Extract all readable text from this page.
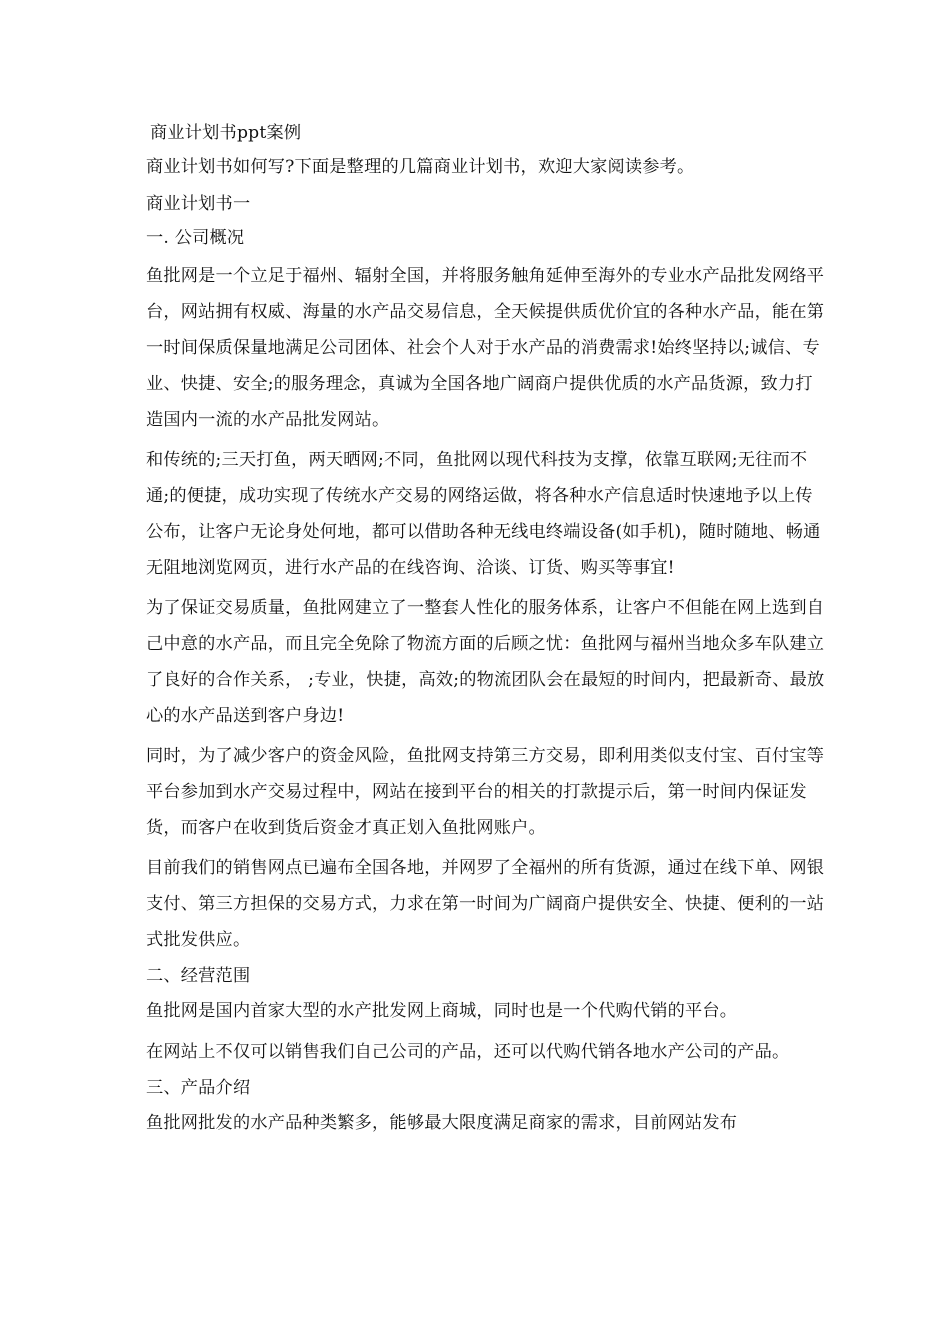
商业计划书ppt案例

商业计划书如何写?下面是整理的几篇商业计划书，欢迎大家阅读参考。

商业计划书一

一. 公司概况

鱼批网是一个立足于福州、辐射全国，并将服务触角延伸至海外的专业水产品批发网络平台，网站拥有权威、海量的水产品交易信息，全天候提供质优价宜的各种水产品，能在第一时间保质保量地满足公司团体、社会个人对于水产品的消费需求!始终坚持以;诚信、专业、快捷、安全;的服务理念，真诚为全国各地广阔商户提供优质的水产品货源，致力打造国内一流的水产品批发网站。

和传统的;三天打鱼，两天晒网;不同，鱼批网以现代科技为支撑，依靠互联网;无往而不通;的便捷，成功实现了传统水产交易的网络运做，将各种水产信息适时快速地予以上传公布，让客户无论身处何地，都可以借助各种无线电终端设备(如手机)，随时随地、畅通无阻地浏览网页，进行水产品的在线咨询、洽谈、订货、购买等事宜!

为了保证交易质量，鱼批网建立了一整套人性化的服务体系，让客户不但能在网上选到自己中意的水产品，而且完全免除了物流方面的后顾之忧：鱼批网与福州当地众多车队建立了良好的合作关系， ;专业，快捷，高效;的物流团队会在最短的时间内，把最新奇、最放心的水产品送到客户身边!

同时，为了减少客户的资金风险，鱼批网支持第三方交易，即利用类似支付宝、百付宝等平台参加到水产交易过程中，网站在接到平台的相关的打款提示后，第一时间内保证发货，而客户在收到货后资金才真正划入鱼批网账户。

目前我们的销售网点已遍布全国各地，并网罗了全福州的所有货源，通过在线下单、网银支付、第三方担保的交易方式，力求在第一时间为广阔商户提供安全、快捷、便利的一站式批发供应。

二、经营范围

鱼批网是国内首家大型的水产批发网上商城，同时也是一个代购代销的平台。

在网站上不仅可以销售我们自己公司的产品，还可以代购代销各地水产公司的产品。

三、产品介绍

鱼批网批发的水产品种类繁多，能够最大限度满足商家的需求，目前网站发布
